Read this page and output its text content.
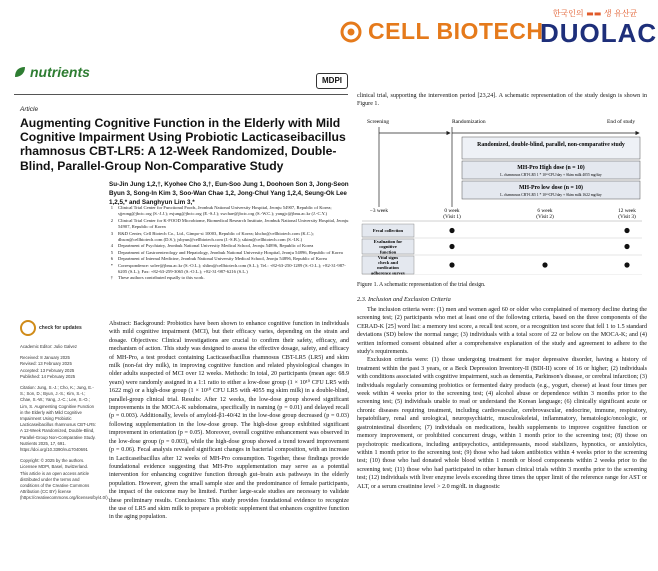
CELL BIOTECH
한국인의 ▬▬ 생 유산균
DUOLAC
nutrients
MDPI
Article
Augmenting Cognitive Function in the Elderly with Mild Cognitive Impairment Using Probiotic Lacticaseibacillus rhamnosus CBT-LR5: A 12-Week Randomized, Double-Blind, Parallel-Group Non-Comparative Study
Su-Jin Jung 1,2,†, Kyohee Cho 3,†, Eun-Soo Jung 1, Doohoen Son 3, Jong-Seon Byun 3, Song-In Kim 3, Soo-Wan Chae 1,2, Jong-Chul Yang 1,2,4, Seung-Ok Lee 1,2,5,* and Sanghyun Lim 3,*
1 Clinical Trial Center for Functional Foods, Jeonbuk National University Hospital, Jeonju 54907, Republic of Korea; sjjeong@jbctc.org (S.-J.J.); esjung@jbctc.org (E.-S.J.); swchae@jbctc.org (S.-W.C.); yangjc@jbnu.ac.kr (J.-C.Y.)
2 Clinical Trial Center for K-FOOD Microbiome, Biomedical Research Institute, Jeonbuk National University Hospital, Jeonju 54907, Republic of Korea
3 R&D Center, Cell Biotech Co., Ltd., Gimpo-si 10003, Republic of Korea; khcho@cellbiotech.com (K.C.); dhson@cellbiotech.com (D.S.); jsbyun@cellbiotech.com (J.-S.B.); sikim@cellbiotech.com (S.-I.K.)
4 Department of Psychiatry, Jeonbuk National University Medical School, Jeonju 54896, Republic of Korea
5 Department of Gastroenterology and Hepatology, Jeonbuk National University Hospital, Jeonju 54896, Republic of Korea
6 Department of Internal Medicine, Jeonbuk National University Medical School, Jeonju 54896, Republic of Korea
* Correspondence: solee@jbnu.ac.kr (S.-O.L.); shlim@cellbiotech.com (S.L.); Tel.: +82-63-250-1289 (S.-O.L.); +82-31-987-6205 (S.L.); Fax: +82-63-259-3065 (S.-O.L.); +82-31-987-6216 (S.L.)
† These authors contributed equally to this work.
check for updates
Academic Editor: Julio Galvez
Received: 8 January 2025
Revised: 13 February 2025
Accepted: 13 February 2025
Published: 14 February 2025
Citation: Jung, S.-J.; Cho, K.; Jung, E.-S.; Son, D.; Byun, J.-S.; Kim, S.-I.; Chae, S.-W.; Yang, J.-C.; Lee, S.-O.; Lim, S. Augmenting Cognitive Function in the Elderly with Mild Cognitive Impairment Using Probiotic Lacticaseibacillus rhamnosus CBT-LR5: A 12-Week Randomized, Double-Blind, Parallel-Group Non-Comparative Study. Nutrients 2025, 17, 691. https://doi.org/10.3390/nu17040691
Copyright: © 2025 by the authors. Licensee MDPI, Basel, Switzerland. This article is an open access article distributed under the terms and conditions of the Creative Commons Attribution (CC BY) license (https://creativecommons.org/licenses/by/4.0/).
Abstract: Background: Probiotics have been shown to enhance cognitive function in individuals with mild cognitive impairment (MCI), but their efficacy varies, depending on the strain and dosage. Objectives: Clinical investigations are crucial to confirm their safety, efficacy, and mechanism of action. This study was designed to assess the effective dosage, safety, and efficacy of MH-Pro, a test product containing Lacticaseibacillus rhamnosus CBT-LR5 (LR5) and skim milk (non-fat dry milk), in improving cognitive function and related physiological changes in older adults suspected of MCI over 12 weeks. Methods: In total, 20 participants (mean age: 68.9 years) were randomly assigned in a 1:1 ratio to either a low-dose group (1 × 10¹⁰ CFU LR5 with 1622 mg) or a high-dose group (1 × 10¹⁰ CFU LR5 with 4055 mg skim milk) in a double-blind, parallel-group clinical trial. Results: After 12 weeks, the low-dose group showed significant improvements in the MOCA-K subdomains, specifically in naming (p = 0.01) and delayed recall (p = 0.003). Additionally, levels of amyloid-β1-40/42 in the low-dose group decreased (p = 0.03) following supplementation in the low-dose group. The high-dose group exhibited significant improvement in orientation (p = 0.05). Moreover, overall cognitive enhancement was observed in the low-dose group (p = 0.003), while the high-dose group showed a trend toward improvement (p = 0.06). Fecal analysis revealed significant changes in bacterial composition, with an increase in Lacticaseibacillus after 12 weeks of MH-Pro consumption. Together, these findings provide foundational evidence suggesting that MH-Pro supplementation may serve as a potential intervention for enhancing cognitive function through gut–brain axis pathways in the elderly population. However, given the small sample size and the predominance of female participants, the impact of the outcome may be limited. Further large-scale studies are necessary to validate these preliminary results. Conclusions: This study provides foundational evidence to recognize the use of LR5 and skim milk to prepare a probiotic supplement that enhances cognitive function in the aging population.
clinical trial, supporting the intervention period [23,24]. A schematic representation of the study design is shown in Figure 1.
Screening	Randomization	End of study
Randomized, double-blind, parallel, non-comparative study
MH-Pro High dose (n = 10)
L. rhamnosus CBT-LR5 1 * 10¹⁰CFU/day + Skim milk 4055 mg/day
MH-Pro low dose (n = 10)
L. rhamnosus CBT-LR5 1 * 10¹⁰CFU/day + Skim milk 1622 mg/day
−3 week	0 week
(Visit 1)
6 week
(Visit 2)
12 week
(Visit 3)
Fecal collection
Evaluation for cognitive function
Vital signs check and medication adherence survey
Figure 1. A schematic representation of the trial design.
2.3. Inclusion and Exclusion Criteria

The inclusion criteria were: (1) men and women aged 60 or older who complained of memory decline during the screening test; (2) participants who met at least one of the following criteria, based on the three components of the CERAD-K [25] word list: a memory test score, a recall test score, or a recognition test score that fell 1 to 1.5 standard deviations (SD) below the normal range; (3) individuals with a total score of 22 or below on the MOCA-K; and (4) written informed consent obtained after a comprehensive explanation of the study and agreement to adhere to the study's requirements.

Exclusion criteria were: (1) those undergoing treatment for major depressive disorder, having a history of treatment within the past 3 years, or a Beck Depression Inventory-II (BDI-II) score of 16 or higher; (2) individuals with conditions associated with cognitive impairment, such as dementia, Parkinson's disease, or cerebral infarction; (3) individuals regularly consuming probiotics or fermented dairy products (e.g., yogurt, cheese) at least four times per week within 4 weeks prior to the screening test; (4) alcohol abuse or dependence within 3 months prior to the screening test; (5) individuals unable to read or understand the Korean language; (6) clinically significant acute or chronic diseases requiring treatment, including cardiovascular, cerebrovascular, endocrine, immune, respiratory, hepatobiliary, renal and urological, neuropsychiatric, musculoskeletal, inflammatory, hematologic/oncologic, or gastrointestinal disorders; (7) individuals on medications, health supplements to improve cognitive function or memory improvement, or prohibited concurrent drugs, within 1 month prior to the screening test; (8) those on psychotropic medications, including antipsychotics, antidepressants, mood stabilizers, hypnotics, or anxiolytics, within 1 month prior to the screening test; (9) those who had taken antibiotics within 4 weeks prior to the screening test; (10) those who had donated whole blood within 1 month or blood components within 2 weeks prior to the screening test; (11) those who had participated in other human clinical trials within 3 months prior to the screening test; (12) individuals with liver enzyme levels exceeding three times the upper limit of the reference range for AST or ALT, or a serum creatinine level > 2.0 mg/dL in diagnostic
